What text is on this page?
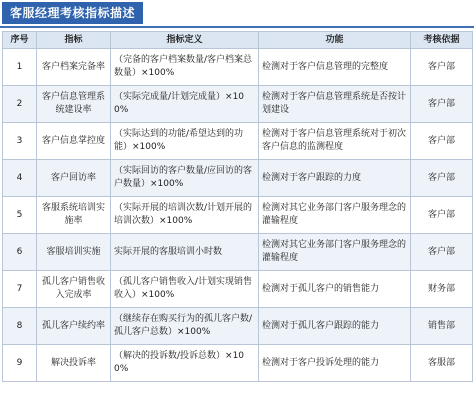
客服经理考核指标描述
序号	指标	指标定义	功能	考核依据
1	客户档案完备率	（完备的客户档案数量/客户档案总数量）×100%	检测对于客户信息管理的完整度	客户部
2	客户信息管理系统建设率	（实际完成量/计划完成量）×100%	检测对于客户信息管理系统是否按计划建设	客户部
3	客户信息掌控度	（实际达到的功能/希望达到的功能）×100%	检测对于客户信息管理系统对于初次客户信息的监测程度	客户部
4	客户回访率	（实际回访的客户数量/应回访的客户数量）×100%	检测对于客户跟踪的力度	客户部
5	客服系统培训实施率	（实际开展的培训次数/计划开展的培训次数）×100%	检测对其它业务部门客户服务理念的灌输程度	客户部
6	客服培训实施	实际开展的客服培训小时数	检测对其它业务部门客户服务理念的灌输程度	客户部
7	孤儿客户销售收入完成率	（孤儿客户销售收入/计划实现销售收入）×100%	检测对于孤儿客户的销售能力	财务部
8	孤儿客户续约率	（继续存在购买行为的孤儿客户数/孤儿客户总数）×100%	检测对于孤儿客户跟踪的能力	销售部
9	解决投诉率	（解决的投诉数/投诉总数）×100%	检测对于客户投诉处理的能力	客服部
